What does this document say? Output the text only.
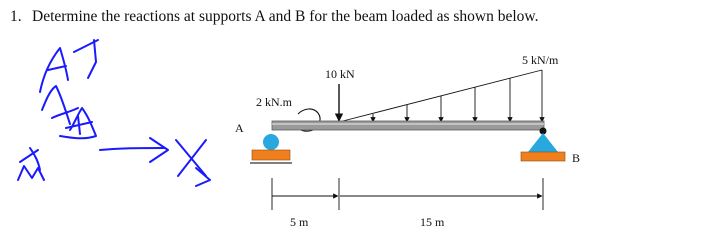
1. Determine the reactions at supports A and B for the beam loaded as shown below.
10 kN
5 kN/m
2 kN.m
A
B
5 m	15 m
